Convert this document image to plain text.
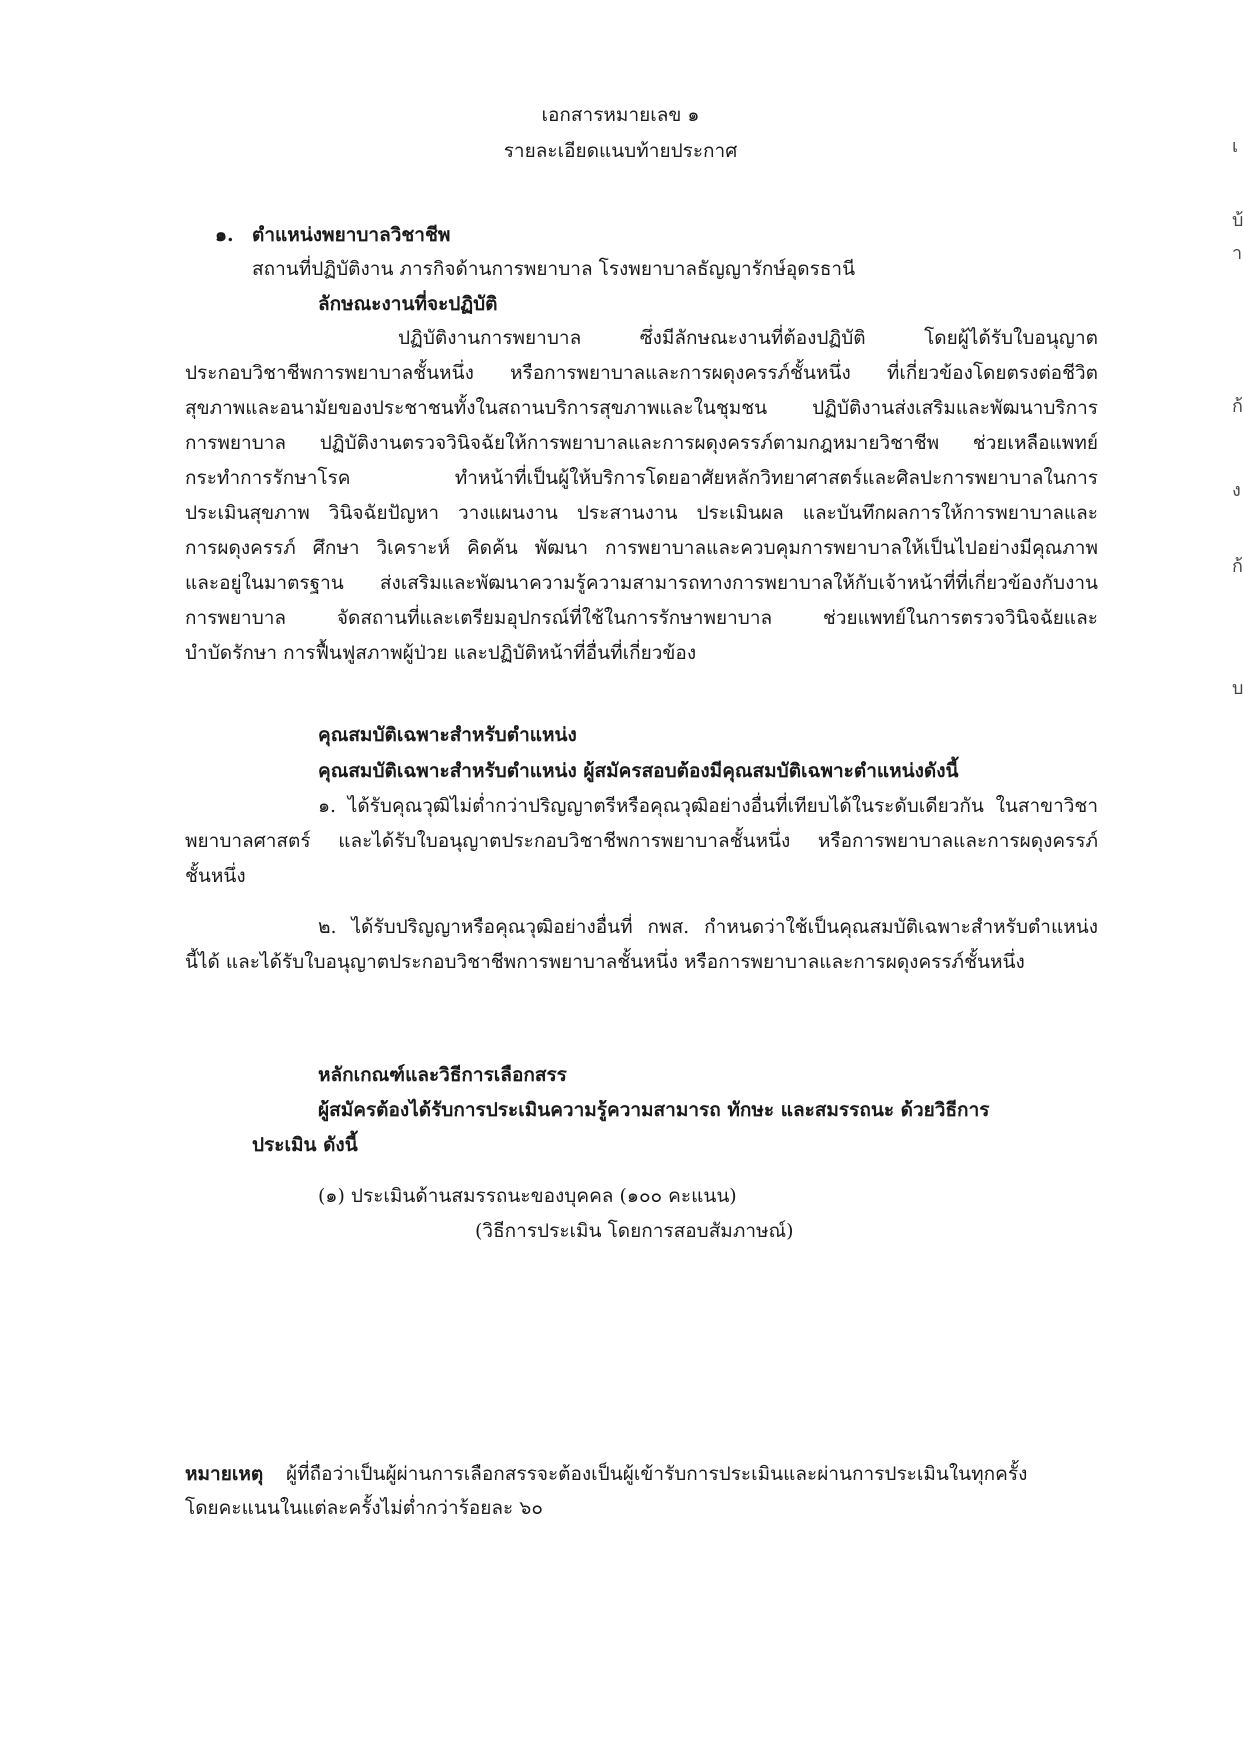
เอกสารหมายเลข ๑
รายละเอียดแนบท้ายประกาศ
๑. ตำแหน่งพยาบาลวิชาชีพ
สถานที่ปฏิบัติงาน ภารกิจด้านการพยาบาล โรงพยาบาลธัญญารักษ์อุดรธานี
ลักษณะงานที่จะปฏิบัติ
ปฏิบัติงานการพยาบาล ซึ่งมีลักษณะงานที่ต้องปฏิบัติ โดยผู้ได้รับใบอนุญาต
ประกอบวิชาชีพการพยาบาลชั้นหนึ่ง หรือการพยาบาลและการผดุงครรภ์ชั้นหนึ่ง ที่เกี่ยวข้องโดยตรงต่อชีวิต
สุขภาพและอนามัยของประชาชนทั้งในสถานบริการสุขภาพและในชุมชน ปฏิบัติงานส่งเสริมและพัฒนาบริการ
การพยาบาล ปฏิบัติงานตรวจวินิจฉัยให้การพยาบาลและการผดุงครรภ์ตามกฎหมายวิชาชีพ ช่วยเหลือแพทย์
กระทำการรักษาโรค ทำหน้าที่เป็นผู้ให้บริการโดยอาศัยหลักวิทยาศาสตร์และศิลปะการพยาบาลในการ
ประเมินสุขภาพ วินิจฉัยปัญหา วางแผนงาน ประสานงาน ประเมินผล และบันทึกผลการให้การพยาบาลและ
การผดุงครรภ์ ศึกษา วิเคราะห์ คิดค้น พัฒนา การพยาบาลและควบคุมการพยาบาลให้เป็นไปอย่างมีคุณภาพ
และอยู่ในมาตรฐาน ส่งเสริมและพัฒนาความรู้ความสามารถทางการพยาบาลให้กับเจ้าหน้าที่ที่เกี่ยวข้องกับงาน
การพยาบาล จัดสถานที่และเตรียมอุปกรณ์ที่ใช้ในการรักษาพยาบาล ช่วยแพทย์ในการตรวจวินิจฉัยและ
บำบัดรักษา การฟื้นฟูสภาพผู้ป่วย และปฏิบัติหน้าที่อื่นที่เกี่ยวข้อง
คุณสมบัติเฉพาะสำหรับตำแหน่ง
คุณสมบัติเฉพาะสำหรับตำแหน่ง ผู้สมัครสอบต้องมีคุณสมบัติเฉพาะตำแหน่งดังนี้
๑. ได้รับคุณวุฒิไม่ต่ำกว่าปริญญาตรีหรือคุณวุฒิอย่างอื่นที่เทียบได้ในระดับเดียวกัน ในสาขาวิชา
พยาบาลศาสตร์ และได้รับใบอนุญาตประกอบวิชาชีพการพยาบาลชั้นหนึ่ง หรือการพยาบาลและการผดุงครรภ์
ชั้นหนึ่ง
๒. ได้รับปริญญาหรือคุณวุฒิอย่างอื่นที่ กพส. กำหนดว่าใช้เป็นคุณสมบัติเฉพาะสำหรับตำแหน่ง
นี้ได้ และได้รับใบอนุญาตประกอบวิชาชีพการพยาบาลชั้นหนึ่ง หรือการพยาบาลและการผดุงครรภ์ชั้นหนึ่ง
หลักเกณฑ์และวิธีการเลือกสรร
ผู้สมัครต้องได้รับการประเมินความรู้ความสามารถ ทักษะ และสมรรถนะ ด้วยวิธีการ
ประเมิน ดังนี้
(๑) ประเมินด้านสมรรถนะของบุคคล (๑๐๐ คะแนน)
(วิธีการประเมิน โดยการสอบสัมภาษณ์)
หมายเหตุ ผู้ที่ถือว่าเป็นผู้ผ่านการเลือกสรรจะต้องเป็นผู้เข้ารับการประเมินและผ่านการประเมินในทุกครั้ง
โดยคะแนนในแต่ละครั้งไม่ต่ำกว่าร้อยละ ๖๐
เ
บ้
า
ก้
ง
ก้
บ
